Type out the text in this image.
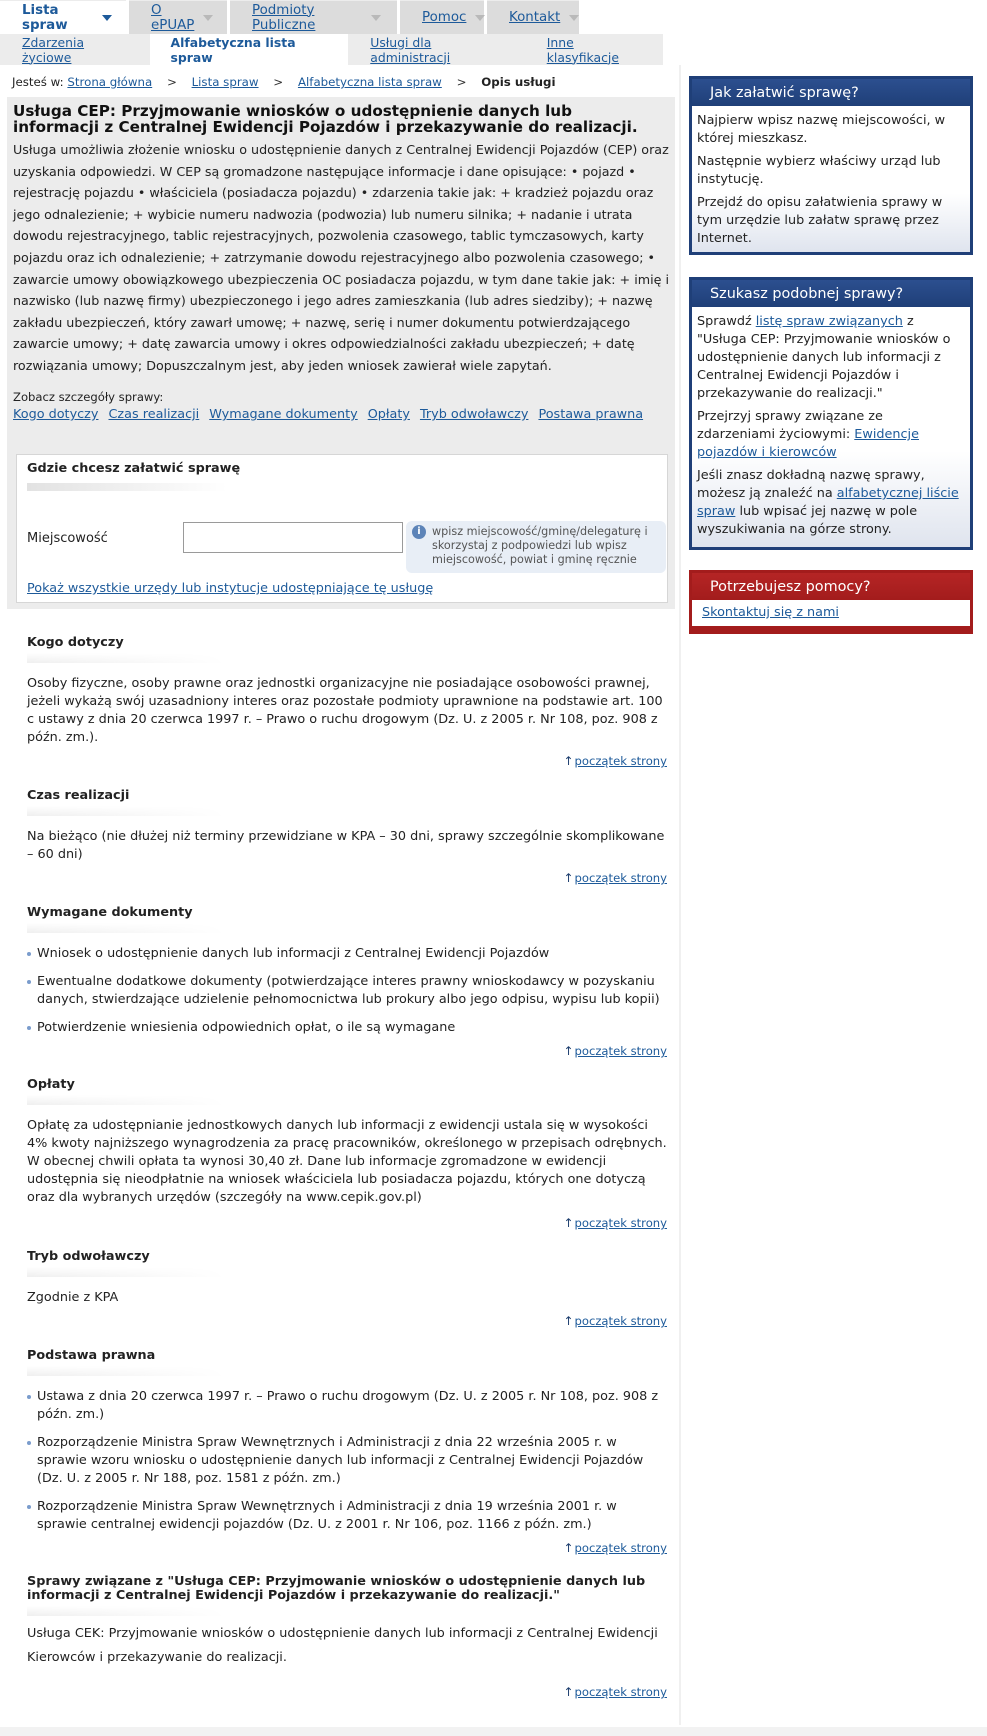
Lista spraw
O ePUAP
Podmioty Publiczne	Pomoc	Kontakt
Zdarzenia życiowe
Alfabetyczna lista spraw
Usługi dla administracji
Inne klasyfikacje
Jesteś w: Strona główna > Lista spraw > Alfabetyczna lista spraw > Opis usługi
Usługa CEP: Przyjmowanie wniosków o udostępnienie danych lub informacji z Centralnej Ewidencji Pojazdów i przekazywanie do realizacji.
Usługa umożliwia złożenie wniosku o udostępnienie danych z Centralnej Ewidencji Pojazdów (CEP) oraz uzyskania odpowiedzi. W CEP są gromadzone następujące informacje i dane opisujące: • pojazd • rejestrację pojazdu • właściciela (posiadacza pojazdu) • zdarzenia takie jak: + kradzież pojazdu oraz jego odnalezienie; + wybicie numeru nadwozia (podwozia) lub numeru silnika; + nadanie i utrata dowodu rejestracyjnego, tablic rejestracyjnych, pozwolenia czasowego, tablic tymczasowych, karty pojazdu oraz ich odnalezienie; + zatrzymanie dowodu rejestracyjnego albo pozwolenia czasowego; • zawarcie umowy obowiązkowego ubezpieczenia OC posiadacza pojazdu, w tym dane takie jak: + imię i nazwisko (lub nazwę firmy) ubezpieczonego i jego adres zamieszkania (lub adres siedziby); + nazwę zakładu ubezpieczeń, który zawarł umowę; + nazwę, serię i numer dokumentu potwierdzającego zawarcie umowy; + datę zawarcia umowy i okres odpowiedzialności zakładu ubezpieczeń; + datę rozwiązania umowy; Dopuszczalnym jest, aby jeden wniosek zawierał wiele zapytań.
Zobacz szczegóły sprawy:
Kogo dotyczy Czas realizacji Wymagane dokumenty Opłaty Tryb odwoławczy Postawa prawna
Gdzie chcesz załatwić sprawę
Miejscowość	i	wpisz miejscowość/gminę/delegaturę i skorzystaj z podpowiedzi lub wpisz miejscowość, powiat i gminę ręcznie
Pokaż wszystkie urzędy lub instytucje udostępniające tę usługę
Kogo dotyczy
Osoby fizyczne, osoby prawne oraz jednostki organizacyjne nie posiadające osobowości prawnej, jeżeli wykażą swój uzasadniony interes oraz pozostałe podmioty uprawnione na podstawie art. 100 c ustawy z dnia 20 czerwca 1997 r. – Prawo o ruchu drogowym (Dz. U. z 2005 r. Nr 108, poz. 908 z późn. zm.).
↑początek strony
Czas realizacji
Na bieżąco (nie dłużej niż terminy przewidziane w KPA – 30 dni, sprawy szczególnie skomplikowane – 60 dni)
↑początek strony
Wymagane dokumenty
Wniosek o udostępnienie danych lub informacji z Centralnej Ewidencji Pojazdów
Ewentualne dodatkowe dokumenty (potwierdzające interes prawny wnioskodawcy w pozyskaniu danych, stwierdzające udzielenie pełnomocnictwa lub prokury albo jego odpisu, wypisu lub kopii)
Potwierdzenie wniesienia odpowiednich opłat, o ile są wymagane
↑początek strony
Opłaty
Opłatę za udostępnianie jednostkowych danych lub informacji z ewidencji ustala się w wysokości 4% kwoty najniższego wynagrodzenia za pracę pracowników, określonego w przepisach odrębnych. W obecnej chwili opłata ta wynosi 30,40 zł. Dane lub informacje zgromadzone w ewidencji udostępnia się nieodpłatnie na wniosek właściciela lub posiadacza pojazdu, których one dotyczą oraz dla wybranych urzędów (szczegóły na www.cepik.gov.pl)
↑początek strony
Tryb odwoławczy
Zgodnie z KPA
↑początek strony
Podstawa prawna
Ustawa z dnia 20 czerwca 1997 r. – Prawo o ruchu drogowym (Dz. U. z 2005 r. Nr 108, poz. 908 z późn. zm.)
Rozporządzenie Ministra Spraw Wewnętrznych i Administracji z dnia 22 września 2005 r. w sprawie wzoru wniosku o udostępnienie danych lub informacji z Centralnej Ewidencji Pojazdów (Dz. U. z 2005 r. Nr 188, poz. 1581 z późn. zm.)
Rozporządzenie Ministra Spraw Wewnętrznych i Administracji z dnia 19 września 2001 r. w sprawie centralnej ewidencji pojazdów (Dz. U. z 2001 r. Nr 106, poz. 1166 z późn. zm.)
↑początek strony
Sprawy związane z "Usługa CEP: Przyjmowanie wniosków o udostępnienie danych lub informacji z Centralnej Ewidencji Pojazdów i przekazywanie do realizacji."
Usługa CEK: Przyjmowanie wniosków o udostępnienie danych lub informacji z Centralnej Ewidencji Kierowców i przekazywanie do realizacji.
↑początek strony
Jak załatwić sprawę?

Najpierw wpisz nazwę miejscowości, w której mieszkasz.

Następnie wybierz właściwy urząd lub instytucję.

Przejdź do opisu załatwienia sprawy w tym urzędzie lub załatw sprawę przez Internet.

Szukasz podobnej sprawy?

Sprawdź listę spraw związanych z "Usługa CEP: Przyjmowanie wniosków o udostępnienie danych lub informacji z Centralnej Ewidencji Pojazdów i przekazywanie do realizacji."

Przejrzyj sprawy związane ze zdarzeniami życiowymi: Ewidencje pojazdów i kierowców

Jeśli znasz dokładną nazwę sprawy, możesz ją znaleźć na alfabetycznej liście spraw lub wpisać jej nazwę w pole wyszukiwania na górze strony.

Potrzebujesz pomocy?
Skontaktuj się z nami
